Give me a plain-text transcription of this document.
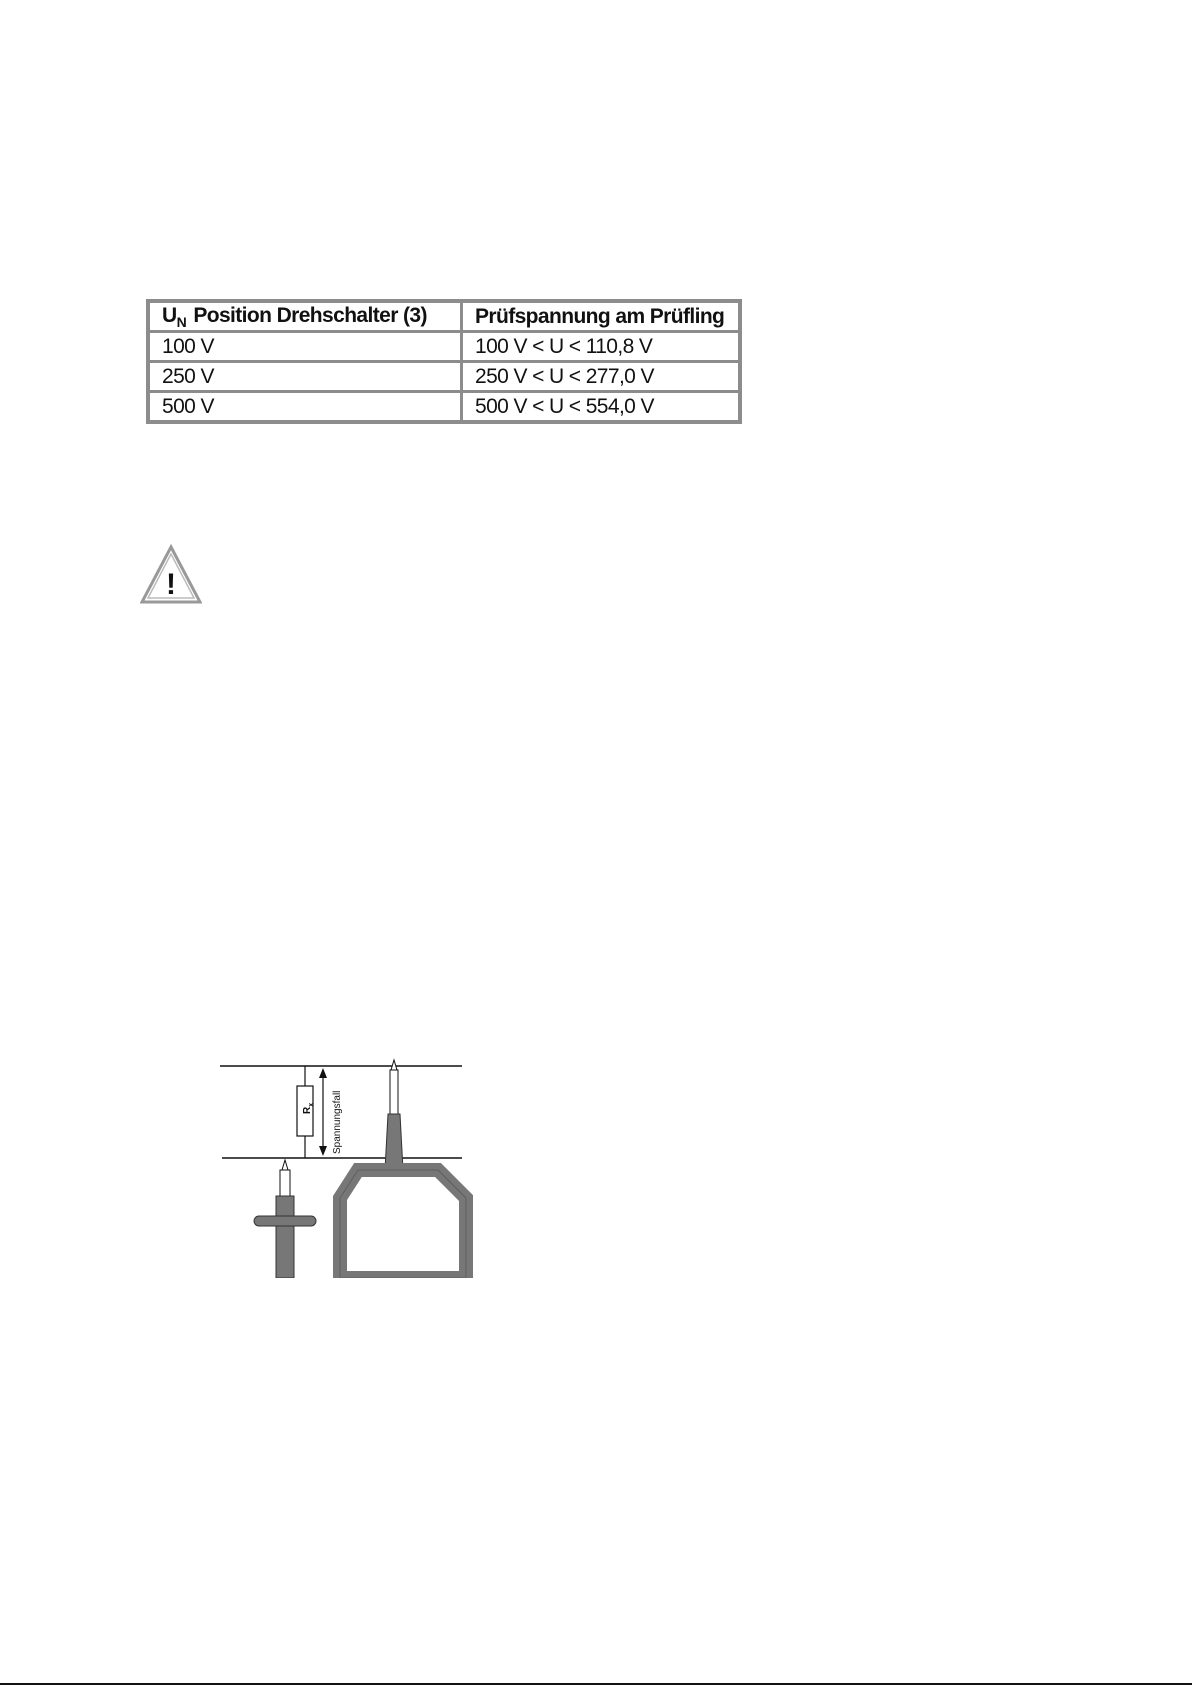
$U_N$ Position Drehschalter (3)	Prüfspannung am Prüfling
100 V	100 V < U < 110,8 V
250 V	250 V < U < 277,0 V
500 V	500 V < U < 554,0 V
!
$R_x$ Spannungsfall
